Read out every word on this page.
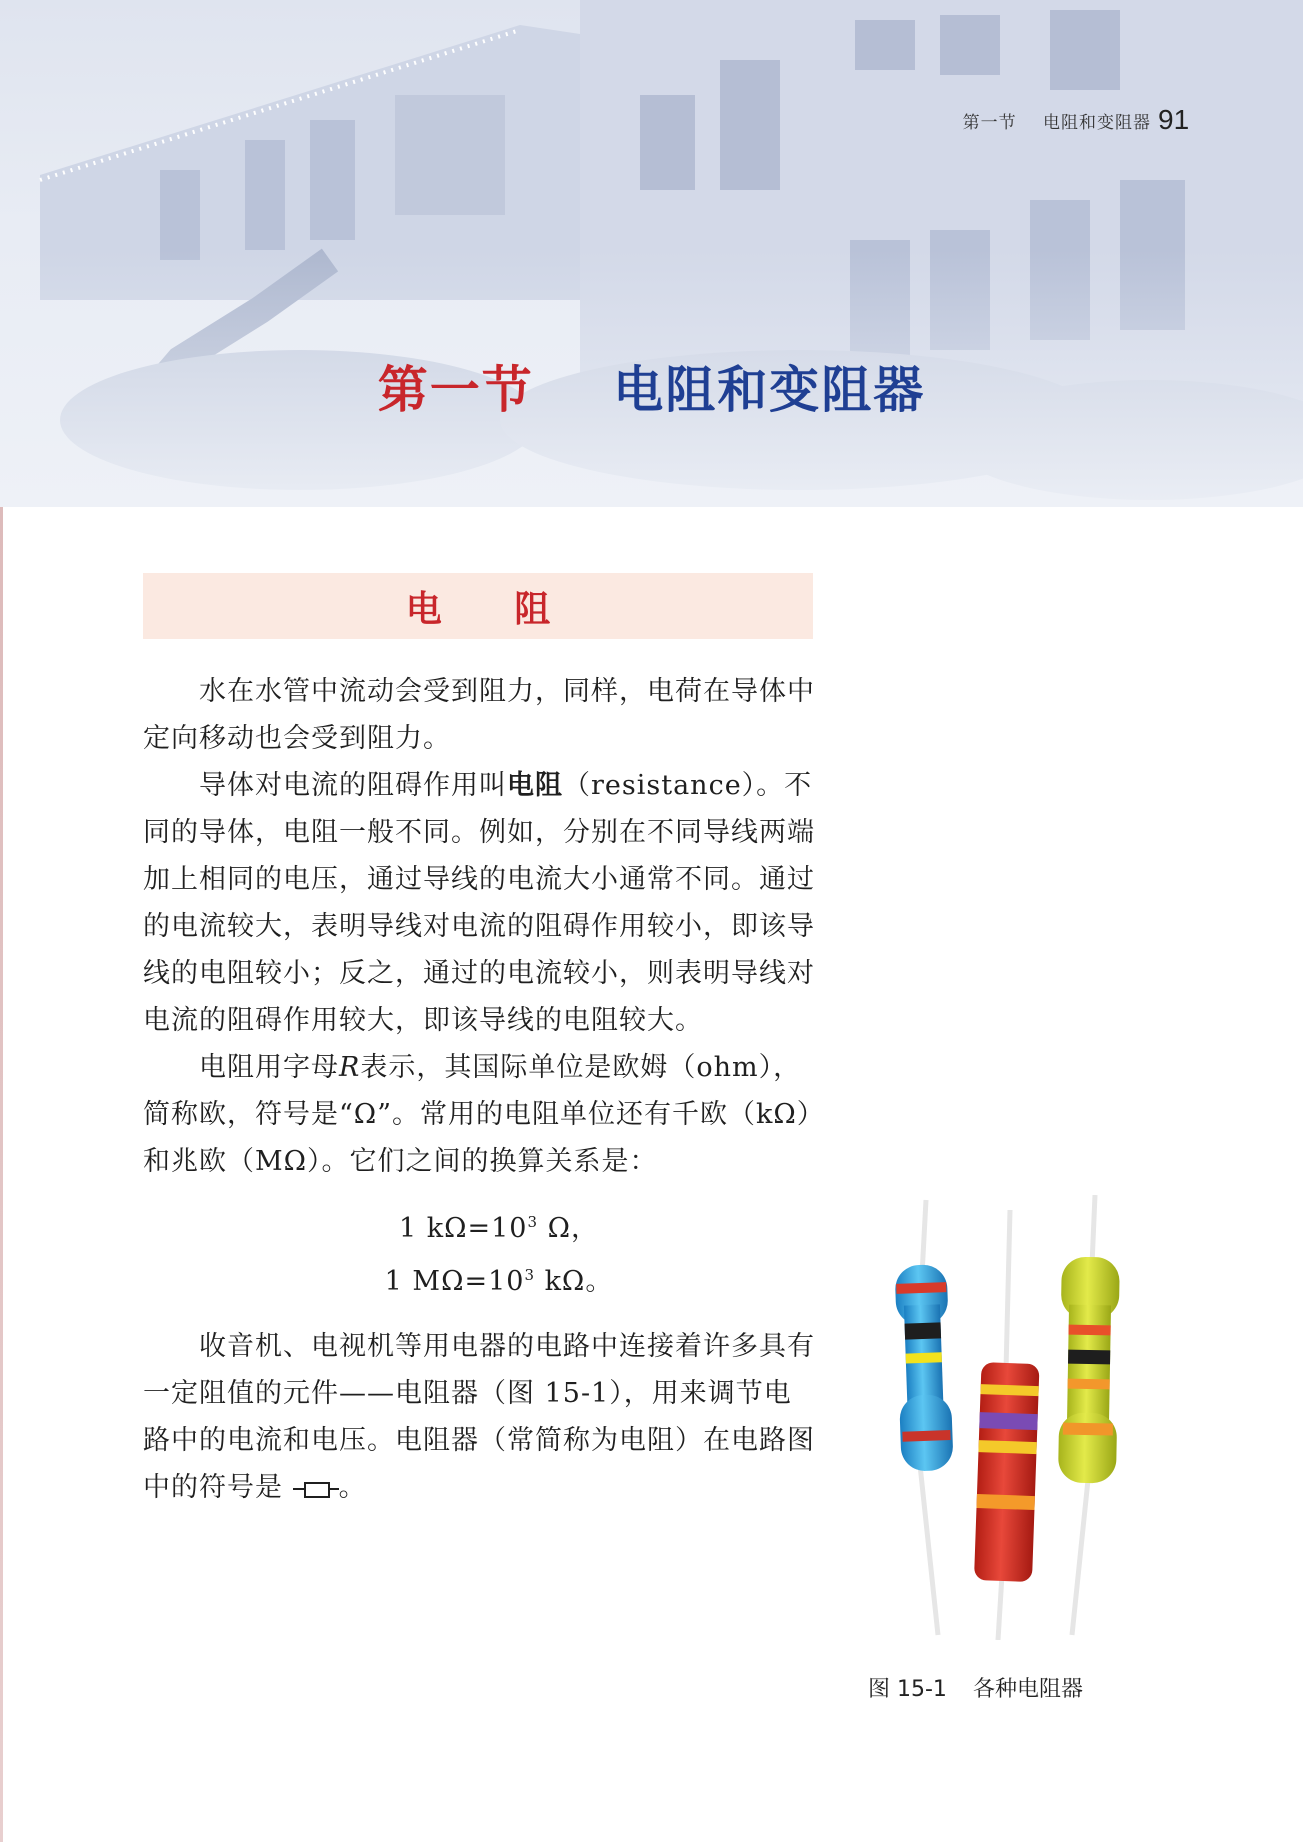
第一节 电阻和变阻器 91
第一节 电阻和变阻器
电 阻

水在水管中流动会受到阻力，同样，电荷在导体中定向移动也会受到阻力。

导体对电流的阻碍作用叫电阻（resistance）。不同的导体，电阻一般不同。例如，分别在不同导线两端加上相同的电压，通过导线的电流大小通常不同。通过的电流较大，表明导线对电流的阻碍作用较小，即该导线的电阻较小；反之，通过的电流较小，则表明导线对电流的阻碍作用较大，即该导线的电阻较大。

电阻用字母R表示，其国际单位是欧姆（ohm），简称欧，符号是“Ω”。常用的电阻单位还有千欧（kΩ）和兆欧（MΩ）。它们之间的换算关系是：

1 $k\Omega=10^3$ Ω，
1 $M\Omega=10^3$ kΩ。

收音机、电视机等用电器的电路中连接着许多具有一定阻值的元件——电阻器（图 15-1），用来调节电路中的电流和电压。电阻器（常简称为电阻）在电路图中的符号是 。

图 15-1 各种电阻器
